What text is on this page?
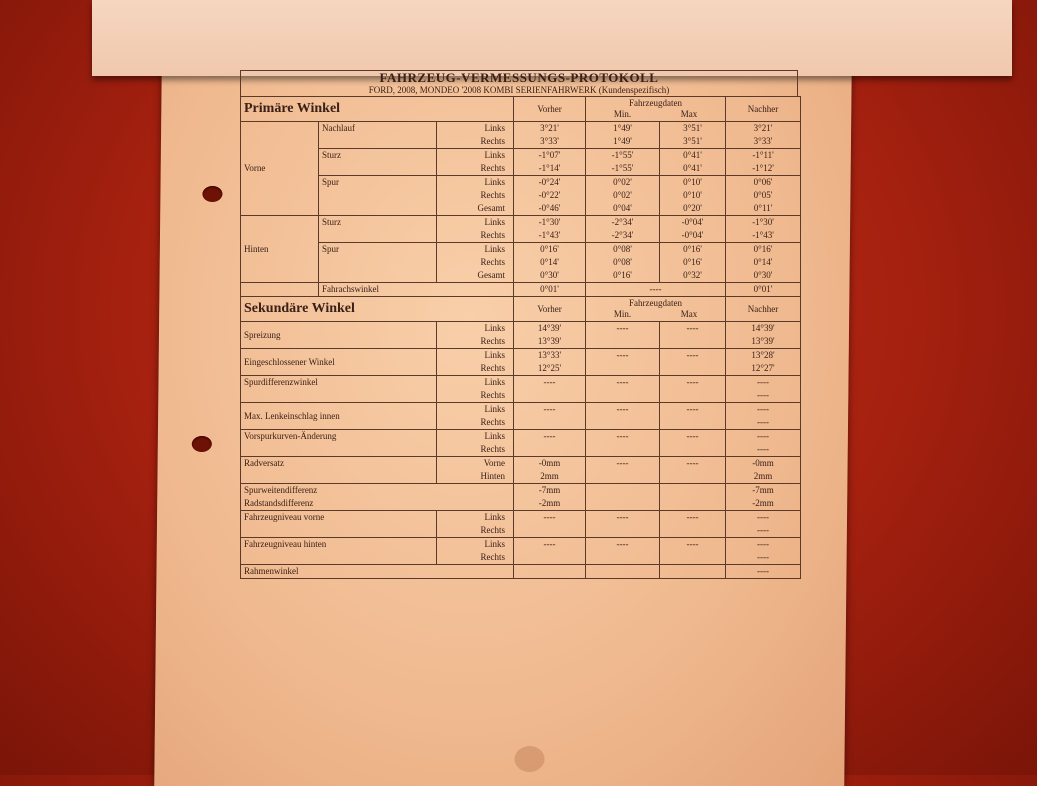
FAHRZEUG-VERMESSUNGS-PROTOKOLL
FORD, 2008, MONDEO '2008 KOMBI SERIENFAHRWERK (Kundenspezifisch)
Primäre Winkel			Vorher	Fahrzeugdaten
Min. Max		Nachher
Vorne	Nachlauf	Links	3°21'	1°49'	3°51'	3°21'
		Rechts	3°33'	1°49'	3°51'	3°33'
	Sturz	Links	-1°07'	-1°55'	0°41'	-1°11'
		Rechts	-1°14'	-1°55'	0°41'	-1°12'
	Spur	Links	-0°24'	0°02'	0°10'	0°06'
		Rechts	-0°22'	0°02'	0°10'	0°05'
		Gesamt	-0°46'	0°04'	0°20'	0°11'
Hinten	Sturz	Links	-1°30'	-2°34'	-0°04'	-1°30'
		Rechts	-1°43'	-2°34'	-0°04'	-1°43'
	Spur	Links	0°16'	0°08'	0°16'	0°16'
		Rechts	0°14'	0°08'	0°16'	0°14'
		Gesamt	0°30'	0°16'	0°32'	0°30'
	Fahrachswinkel		0°01'	----		0°01'
Sekundäre Winkel			Vorher	Fahrzeugdaten
Min. Max		Nachher
Spreizung		Links	14°39'	----	----	14°39'
		Rechts	13°39'			13°39'
Eingeschlossener Winkel		Links	13°33'	----	----	13°28'
		Rechts	12°25'			12°27'
Spurdifferenzwinkel		Links	----	----	----	----
		Rechts				----
Max. Lenkeinschlag innen		Links	----	----	----	----
		Rechts				----
Vorspurkurven-Änderung		Links	----	----	----	----
		Rechts				----
Radversatz		Vorne	-0mm	----	----	-0mm
		Hinten	2mm			2mm
Spurweitendifferenz			-7mm			-7mm
Radstandsdifferenz			-2mm			-2mm
Fahrzeugniveau vorne		Links	----	----	----	----
		Rechts				----
Fahrzeugniveau hinten		Links	----	----	----	----
		Rechts				----
Rahmenwinkel						----
